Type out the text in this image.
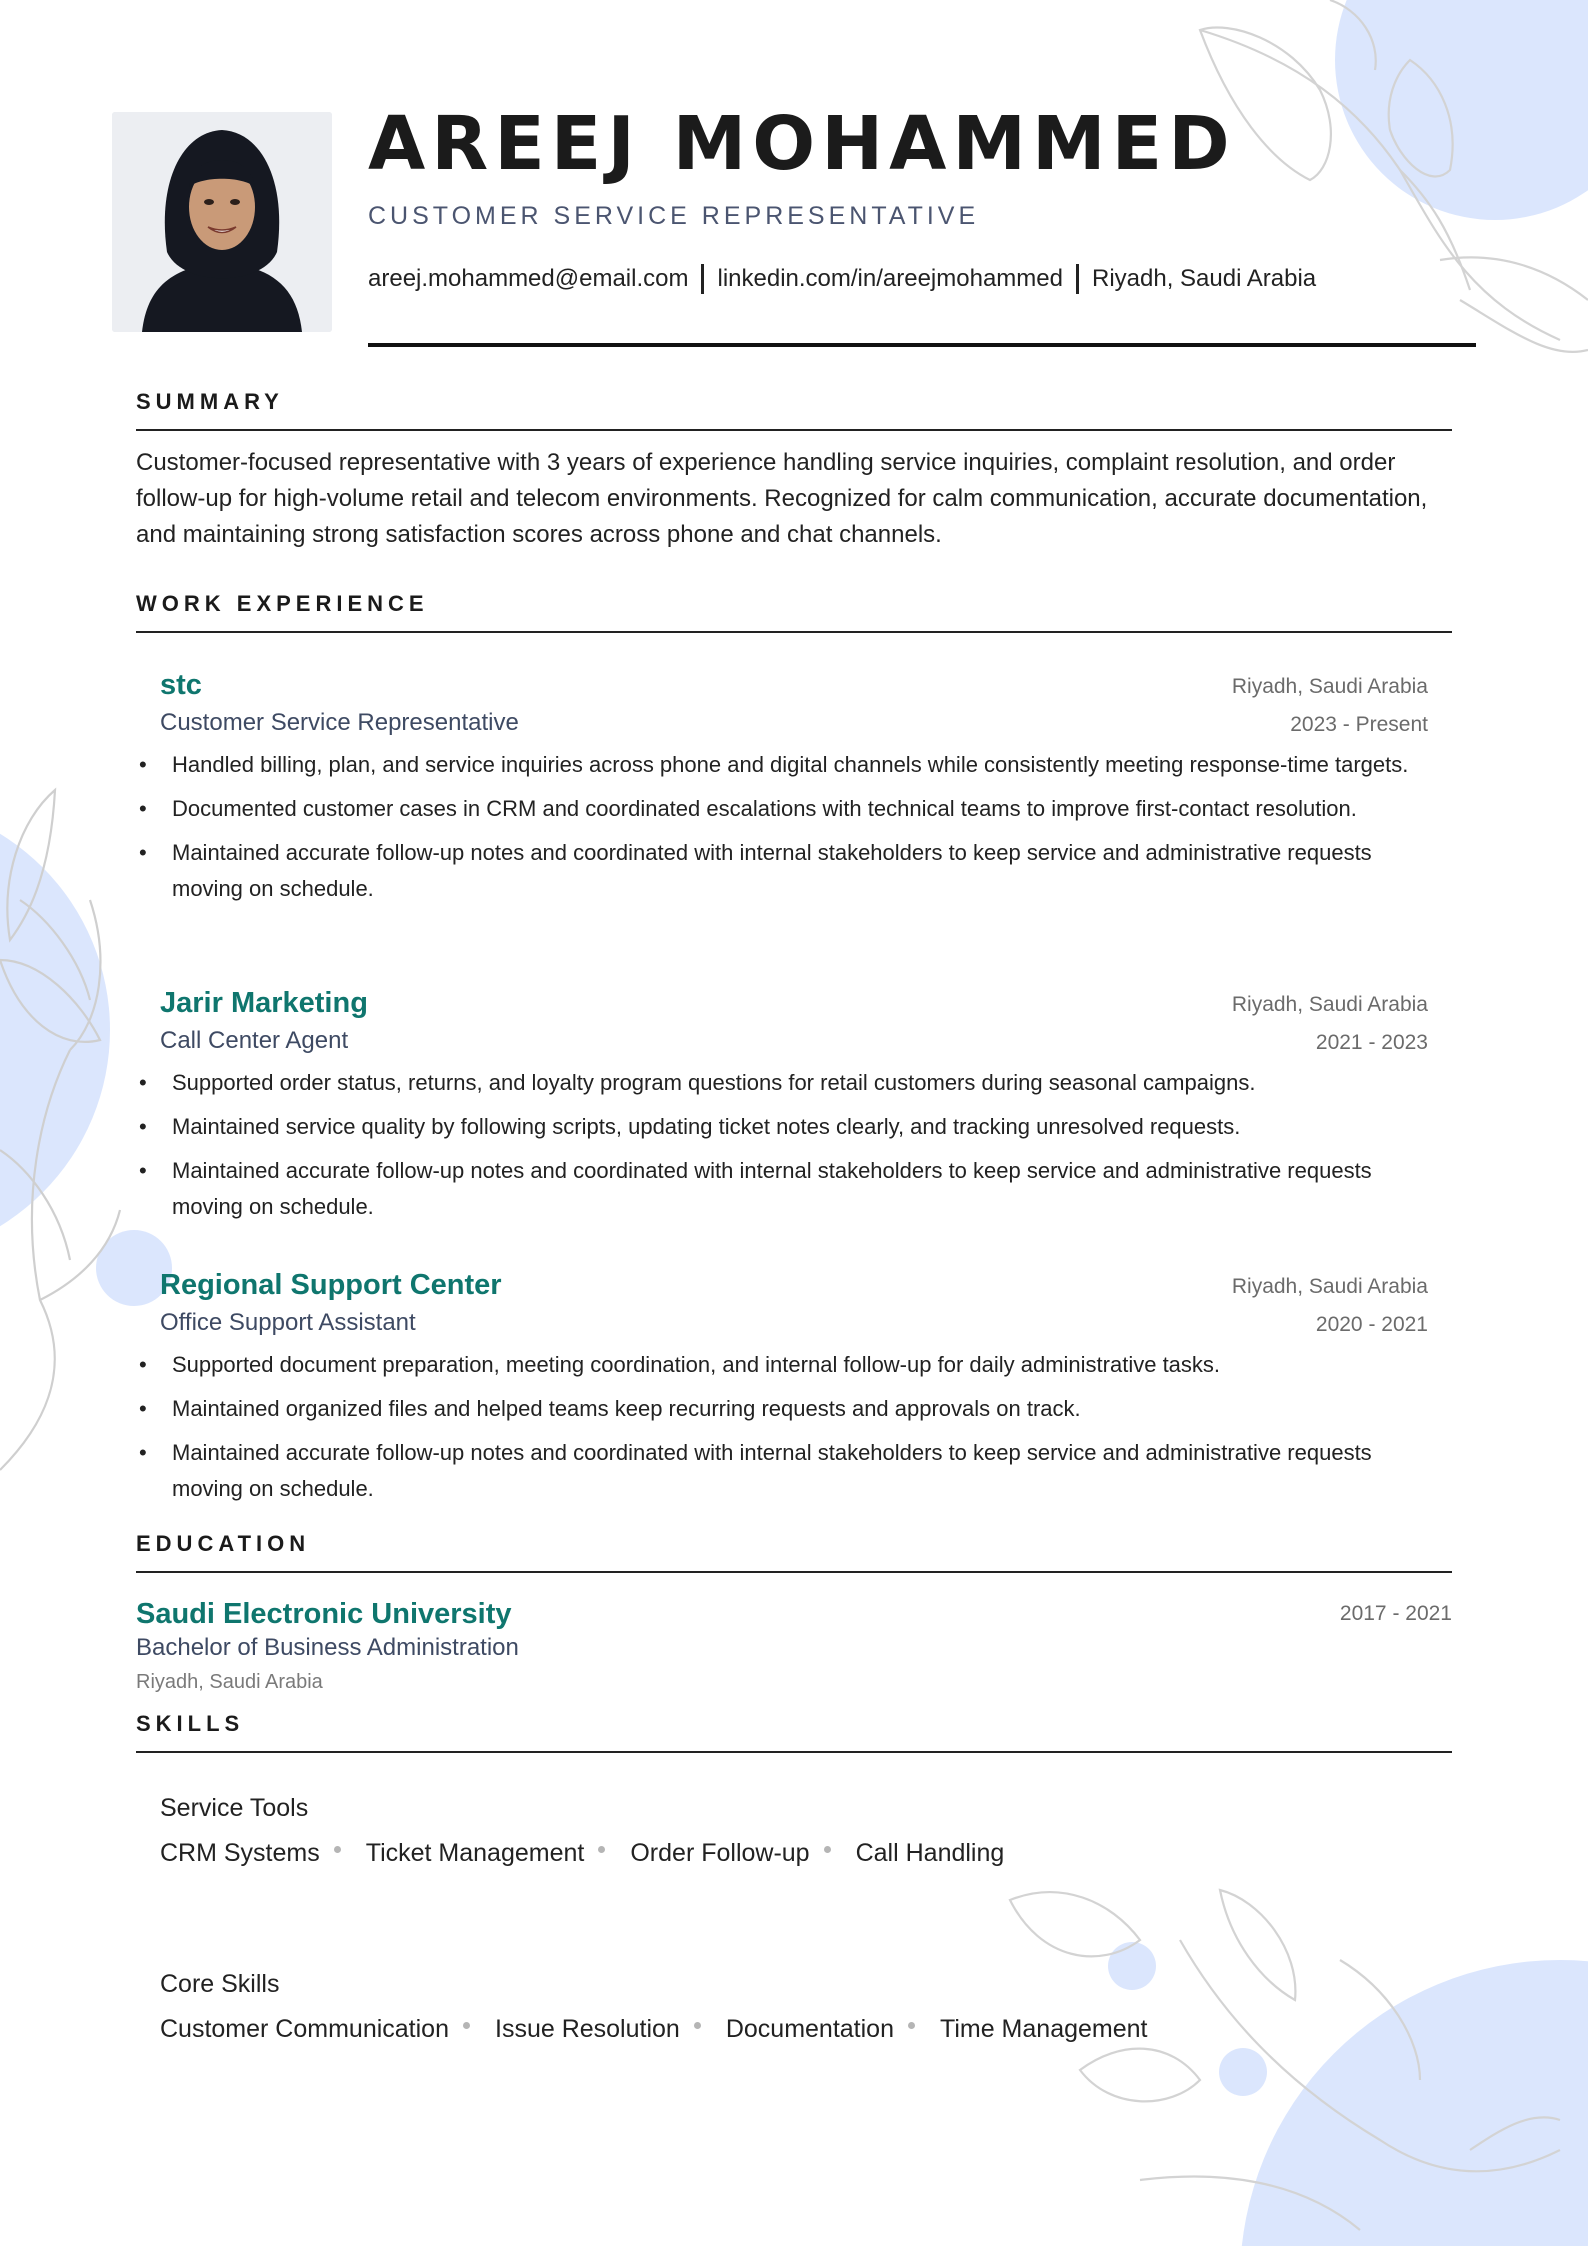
AREEJ MOHAMMED
CUSTOMER SERVICE REPRESENTATIVE
areej.mohammed@email.com linkedin.com/in/areejmohammed Riyadh, Saudi Arabia
SUMMARY

Customer-focused representative with 3 years of experience handling service inquiries, complaint resolution, and order follow-up for high-volume retail and telecom environments. Recognized for calm communication, accurate documentation, and maintaining strong satisfaction scores across phone and chat channels.

WORK EXPERIENCE
stc
Customer Service Representative
Riyadh, Saudi Arabia
2023 - Present
• Handled billing, plan, and service inquiries across phone and digital channels while consistently meeting response-time targets.
• Documented customer cases in CRM and coordinated escalations with technical teams to improve first-contact resolution.
• Maintained accurate follow-up notes and coordinated with internal stakeholders to keep service and administrative requests moving on schedule.
Jarir Marketing
Call Center Agent
Riyadh, Saudi Arabia
2021 - 2023
• Supported order status, returns, and loyalty program questions for retail customers during seasonal campaigns.
• Maintained service quality by following scripts, updating ticket notes clearly, and tracking unresolved requests.
• Maintained accurate follow-up notes and coordinated with internal stakeholders to keep service and administrative requests moving on schedule.
Regional Support Center
Office Support Assistant
Riyadh, Saudi Arabia
2020 - 2021
• Supported document preparation, meeting coordination, and internal follow-up for daily administrative tasks.
• Maintained organized files and helped teams keep recurring requests and approvals on track.
• Maintained accurate follow-up notes and coordinated with internal stakeholders to keep service and administrative requests moving on schedule.
EDUCATION
Saudi Electronic University
Bachelor of Business Administration
Riyadh, Saudi Arabia
2017 - 2021
SKILLS
Service Tools
CRM Systems Ticket Management Order Follow-up Call Handling
Core Skills
Customer Communication Issue Resolution Documentation Time Management
